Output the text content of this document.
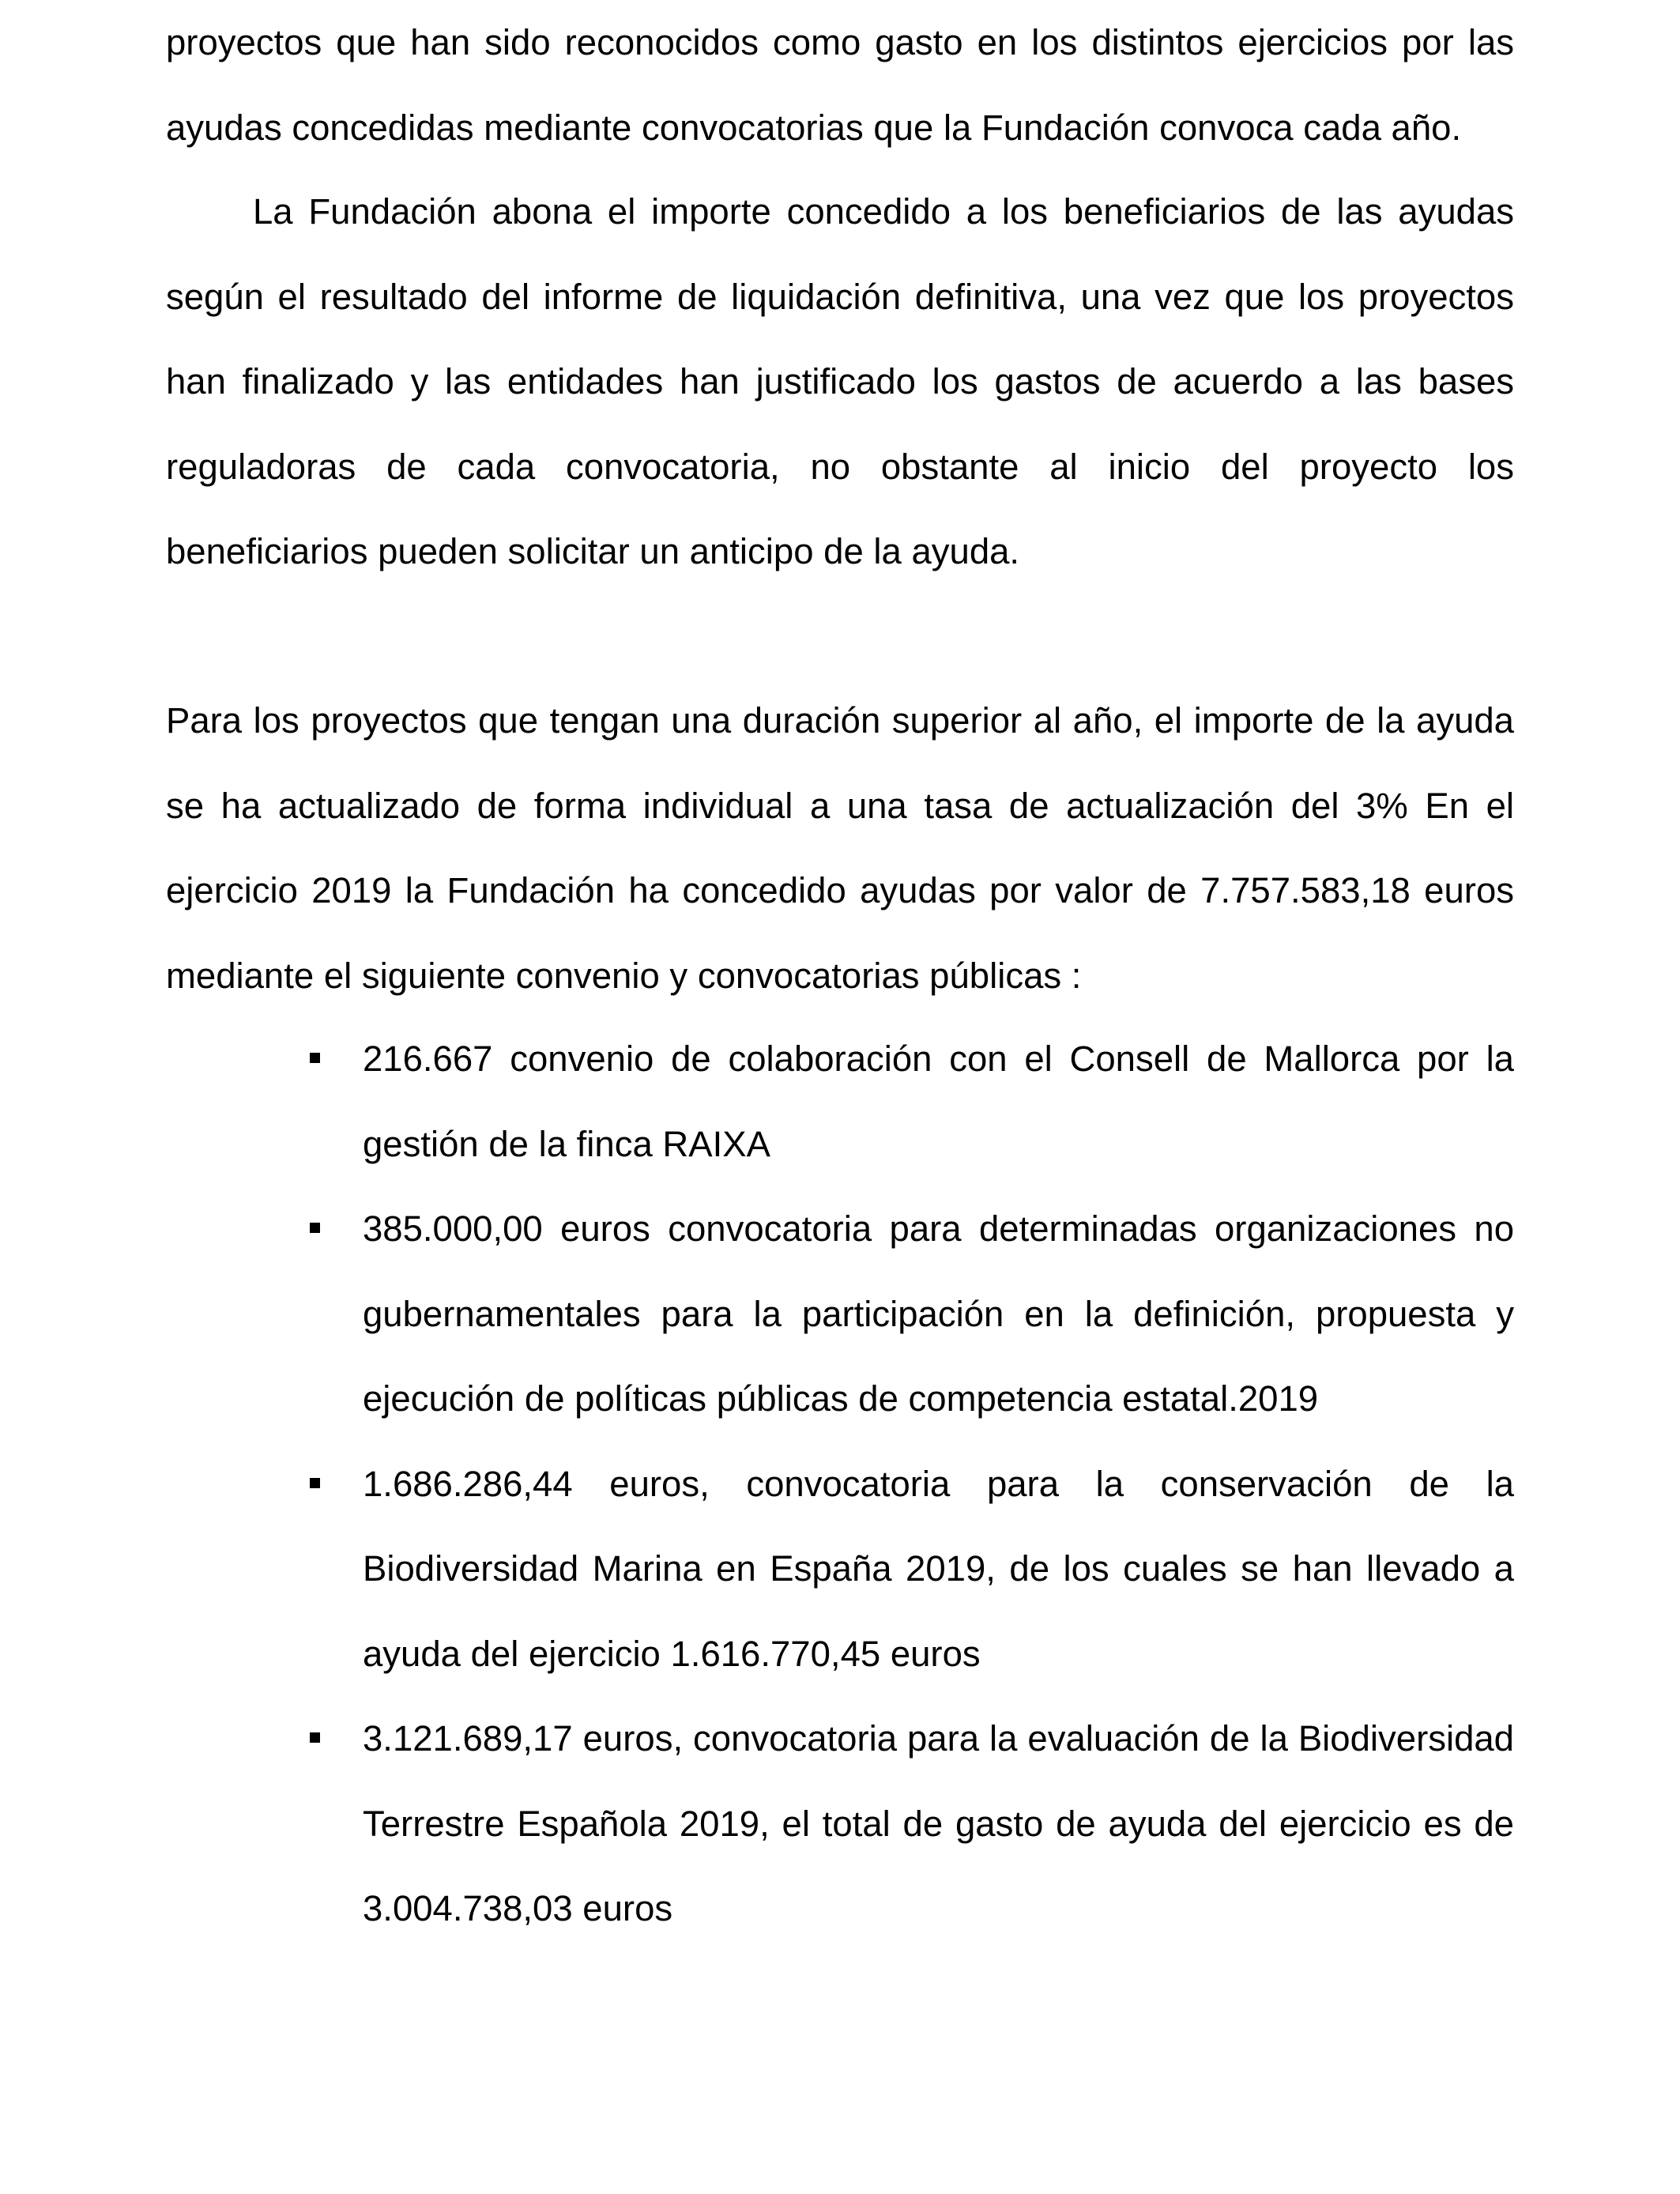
proyectos que han sido reconocidos como gasto en los distintos ejercicios por las ayudas concedidas mediante convocatorias que la Fundación convoca cada año.

La Fundación abona el importe concedido a los beneficiarios de las ayudas según el resultado del informe de liquidación definitiva, una vez que los proyectos han finalizado y las entidades han justificado los gastos de acuerdo a las bases reguladoras de cada convocatoria, no obstante al inicio del proyecto los beneficiarios pueden solicitar un anticipo de la ayuda.

Para los proyectos que tengan una duración superior al año, el importe de la ayuda se ha actualizado de forma individual a una tasa de actualización del 3% En el ejercicio 2019 la Fundación ha concedido ayudas por valor de 7.757.583,18 euros mediante el siguiente convenio y convocatorias públicas :

216.667 convenio de colaboración con el Consell de Mallorca por la gestión de la finca RAIXA
385.000,00 euros convocatoria para determinadas organizaciones no gubernamentales para la participación en la definición, propuesta y ejecución de políticas públicas de competencia estatal.2019
1.686.286,44 euros, convocatoria para la conservación de la Biodiversidad Marina en España 2019, de los cuales se han llevado a ayuda del ejercicio 1.616.770,45 euros
3.121.689,17 euros, convocatoria para la evaluación de la Biodiversidad Terrestre Española 2019, el total de gasto de ayuda del ejercicio es de 3.004.738,03 euros
